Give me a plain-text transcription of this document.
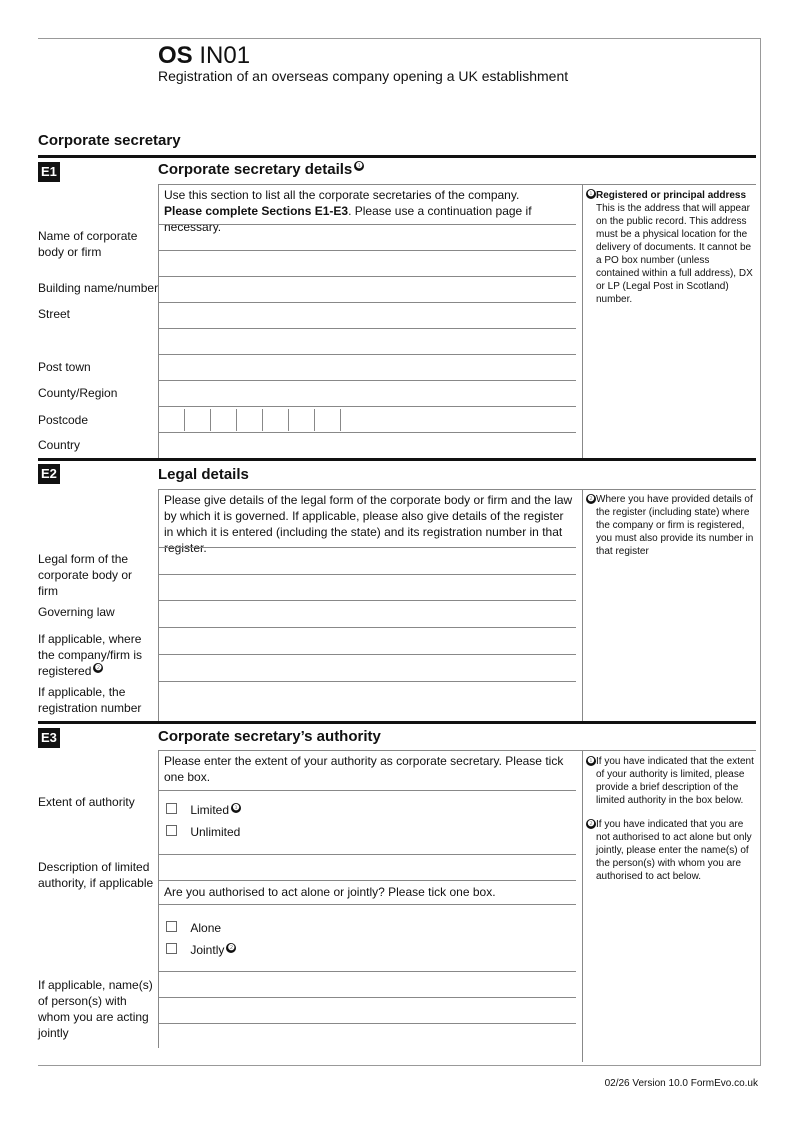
OS IN01
Registration of an overseas company opening a UK establishment
Corporate secretary
E1	Corporate secretary details ❶
Use this section to list all the corporate secretaries of the company.
Please complete Sections E1-E3. Please use a continuation page if necessary.
Name of corporate body or firm
Building name/number
Street
Post town
County/Region
Postcode
Country
❶Registered or principal address
This is the address that will appear on the public record. This address must be a physical location for the delivery of documents. It cannot be a PO box number (unless contained within a full address), DX or LP (Legal Post in Scotland) number.
E2	Legal details
Please give details of the legal form of the corporate body or firm and the law by which it is governed. If applicable, please also give details of the register in which it is entered (including the state) and its registration number in that register.
Legal form of the corporate body or firm
Governing law
If applicable, where the company/firm is registered ❷
If applicable, the registration number
❷ Where you have provided details of the register (including state) where the company or firm is registered, you must also provide its number in that register
E3	Corporate secretary’s authority
Please enter the extent of your authority as corporate secretary. Please tick one box.
Extent of authority
Limited ❶
Unlimited
Description of limited authority, if applicable
Are you authorised to act alone or jointly? Please tick one box.
Alone
Jointly ❷
If applicable, name(s) of person(s) with whom you are acting jointly
❶ If you have indicated that the extent of your authority is limited, please provide a brief description of the limited authority in the box below.
❷ If you have indicated that you are not authorised to act alone but only jointly, please enter the name(s) of the person(s) with whom you are authorised to act below.
02/26 Version 10.0 FormEvo.co.uk
